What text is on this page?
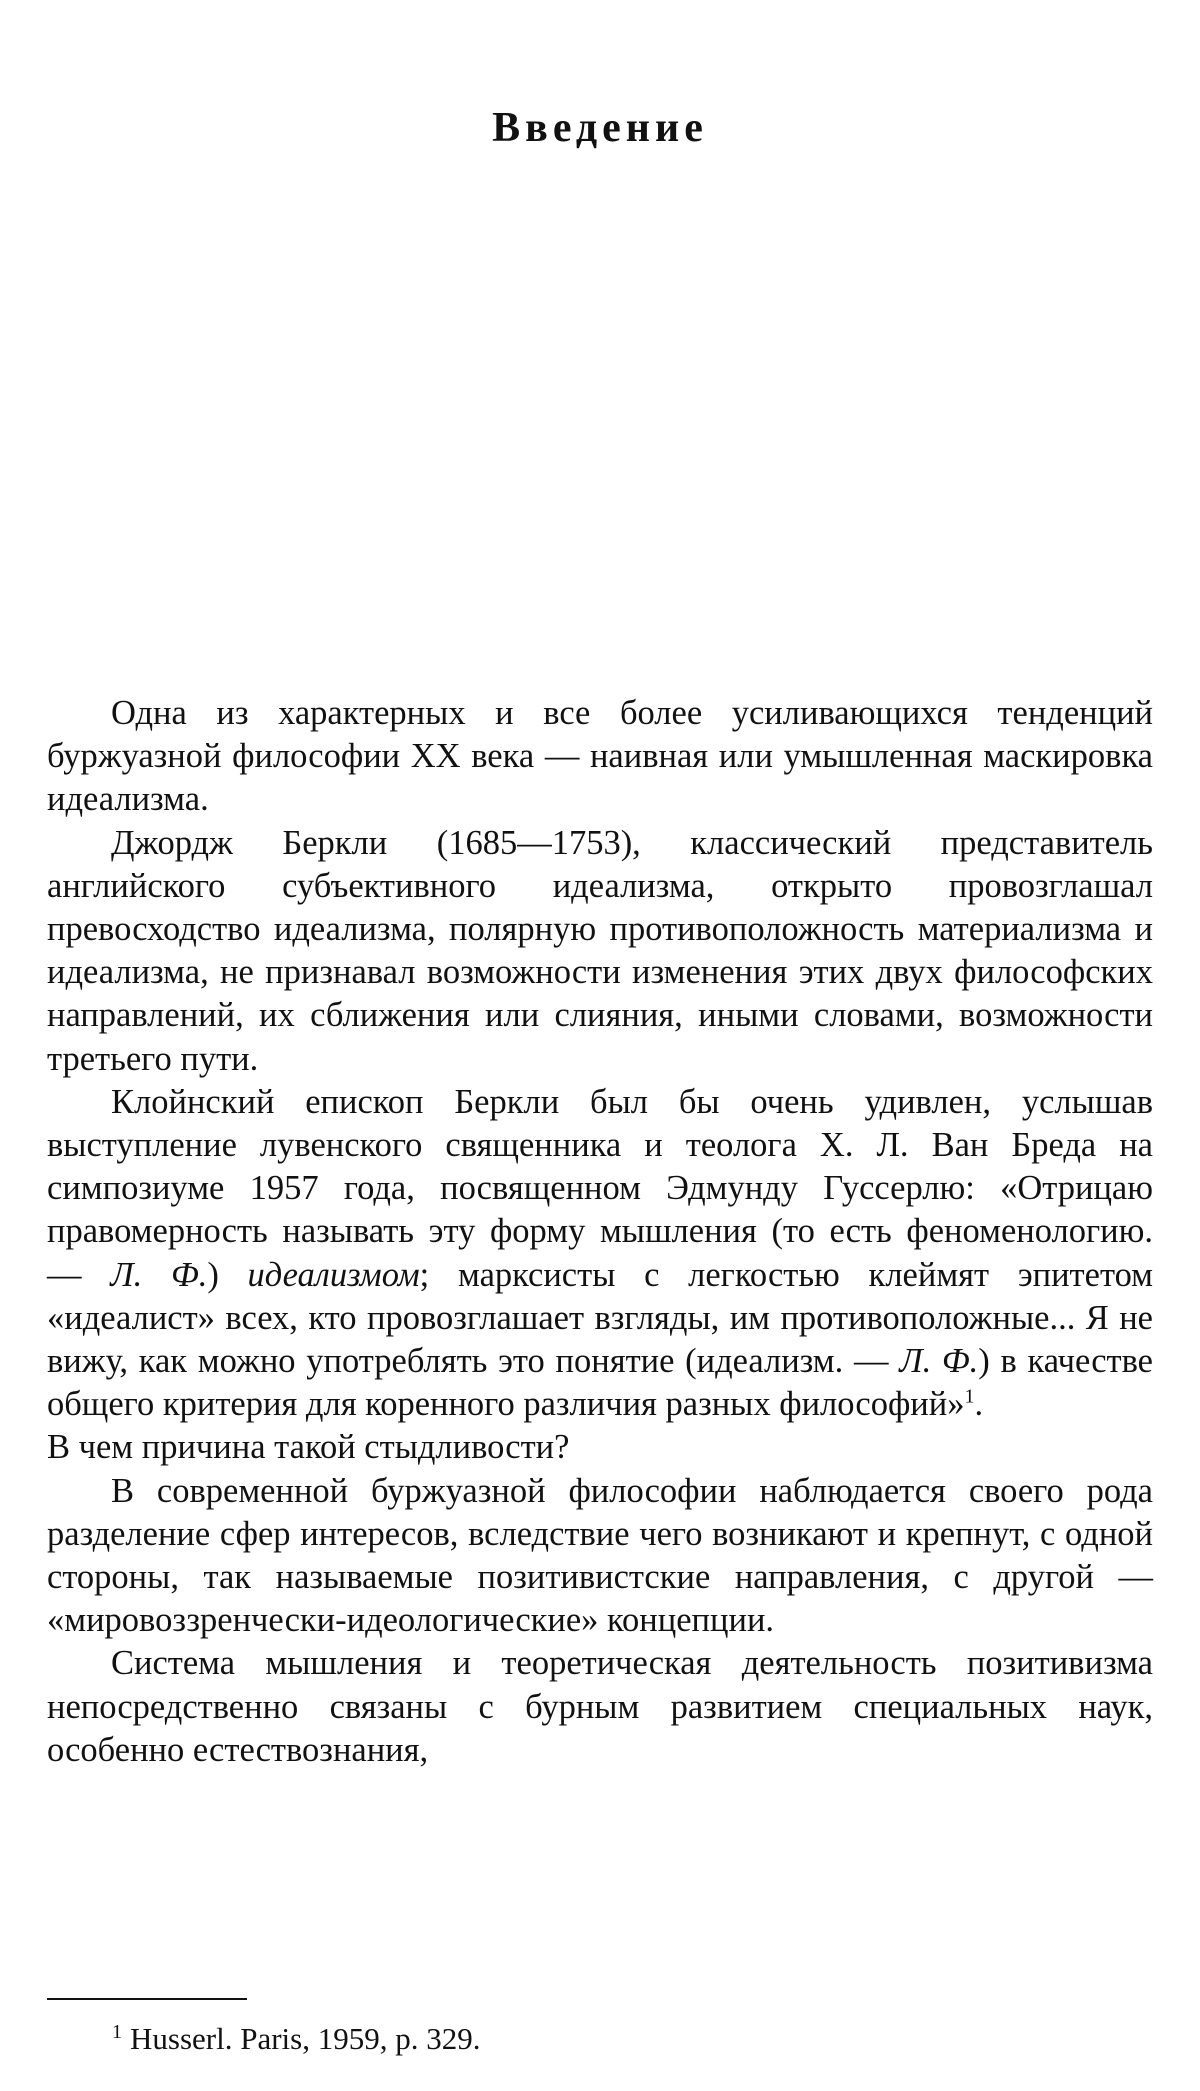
Введение

Одна из характерных и все более усиливающихся тенденций буржуазной философии XX века — наивная или умышленная маскировка идеализма.

Джордж Беркли (1685—1753), классический представитель английского субъективного идеализма, открыто провозглашал превосходство идеализма, полярную противоположность материализма и идеализма, не признавал возможности изменения этих двух философских направлений, их сближения или слияния, иными словами, возможности третьего пути.

Клойнский епископ Беркли был бы очень удивлен, услышав выступление лувенского священника и теолога Х. Л. Ван Бреда на симпозиуме 1957 года, посвященном Эдмунду Гуссерлю: «Отрицаю правомерность называть эту форму мышления (то есть феноменологию. — Л. Ф.) идеализмом; марксисты с легкостью клеймят эпитетом «идеалист» всех, кто провозглашает взгляды, им противоположные... Я не вижу, как можно употреблять это понятие (идеализм. — Л. Ф.) в качестве общего критерия для коренного различия разных философий»$^1$.

В чем причина такой стыдливости?

В современной буржуазной философии наблюдается своего рода разделение сфер интересов, вследствие чего возникают и крепнут, с одной стороны, так называемые позитивистские направления, с другой — «мировоззренчески-идеологические» концепции.

Система мышления и теоретическая деятельность позитивизма непосредственно связаны с бурным развитием специальных наук, особенно естествознания,

$^1$ Husserl. Paris, 1959, p. 329.
